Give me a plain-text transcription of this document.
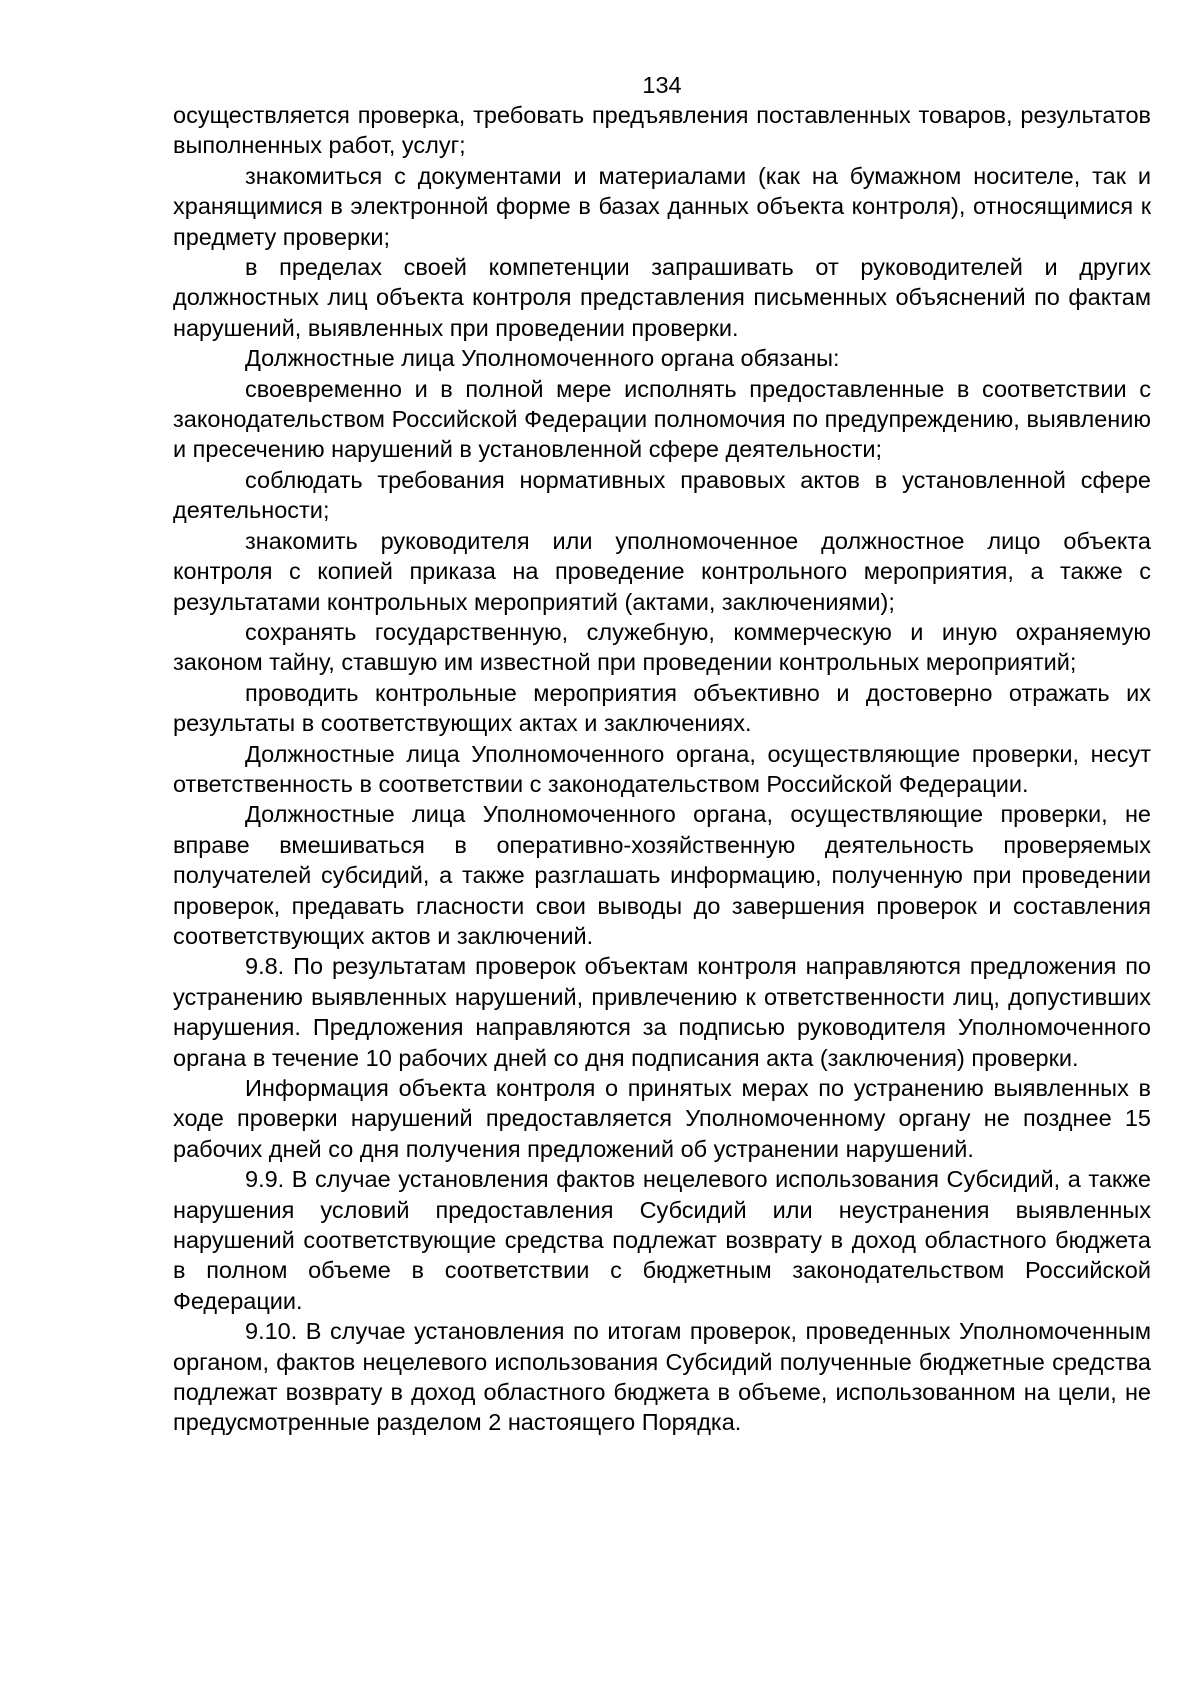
134

осуществляется проверка, требовать предъявления поставленных товаров, результатов выполненных работ, услуг;

знакомиться с документами и материалами (как на бумажном носителе, так и хранящимися в электронной форме в базах данных объекта контроля), относящимися к предмету проверки;

в пределах своей компетенции запрашивать от руководителей и других должностных лиц объекта контроля представления письменных объяснений по фактам нарушений, выявленных при проведении проверки.

Должностные лица Уполномоченного органа обязаны:

своевременно и в полной мере исполнять предоставленные в соответствии с законодательством Российской Федерации полномочия по предупреждению, выявлению и пресечению нарушений в установленной сфере деятельности;

соблюдать требования нормативных правовых актов в установленной сфере деятельности;

знакомить руководителя или уполномоченное должностное лицо объекта контроля с копией приказа на проведение контрольного мероприятия, а также с результатами контрольных мероприятий (актами, заключениями);

сохранять государственную, служебную, коммерческую и иную охраняемую законом тайну, ставшую им известной при проведении контрольных мероприятий;

проводить контрольные мероприятия объективно и достоверно отражать их результаты в соответствующих актах и заключениях.

Должностные лица Уполномоченного органа, осуществляющие проверки, несут ответственность в соответствии с законодательством Российской Федерации.

Должностные лица Уполномоченного органа, осуществляющие проверки, не вправе вмешиваться в оперативно-хозяйственную деятельность проверяемых получателей субсидий, а также разглашать информацию, полученную при проведении проверок, предавать гласности свои выводы до завершения проверок и составления соответствующих актов и заключений.

9.8. По результатам проверок объектам контроля направляются предложения по устранению выявленных нарушений, привлечению к ответственности лиц, допустивших нарушения. Предложения направляются за подписью руководителя Уполномоченного органа в течение 10 рабочих дней со дня подписания акта (заключения) проверки.

Информация объекта контроля о принятых мерах по устранению выявленных в ходе проверки нарушений предоставляется Уполномоченному органу не позднее 15 рабочих дней со дня получения предложений об устранении нарушений.

9.9. В случае установления фактов нецелевого использования Субсидий, а также нарушения условий предоставления Субсидий или неустранения выявленных нарушений соответствующие средства подлежат возврату в доход областного бюджета в полном объеме в соответствии с бюджетным законодательством Российской Федерации.

9.10. В случае установления по итогам проверок, проведенных Уполномоченным органом, фактов нецелевого использования Субсидий полученные бюджетные средства подлежат возврату в доход областного бюджета в объеме, использованном на цели, не предусмотренные разделом 2 настоящего Порядка.
